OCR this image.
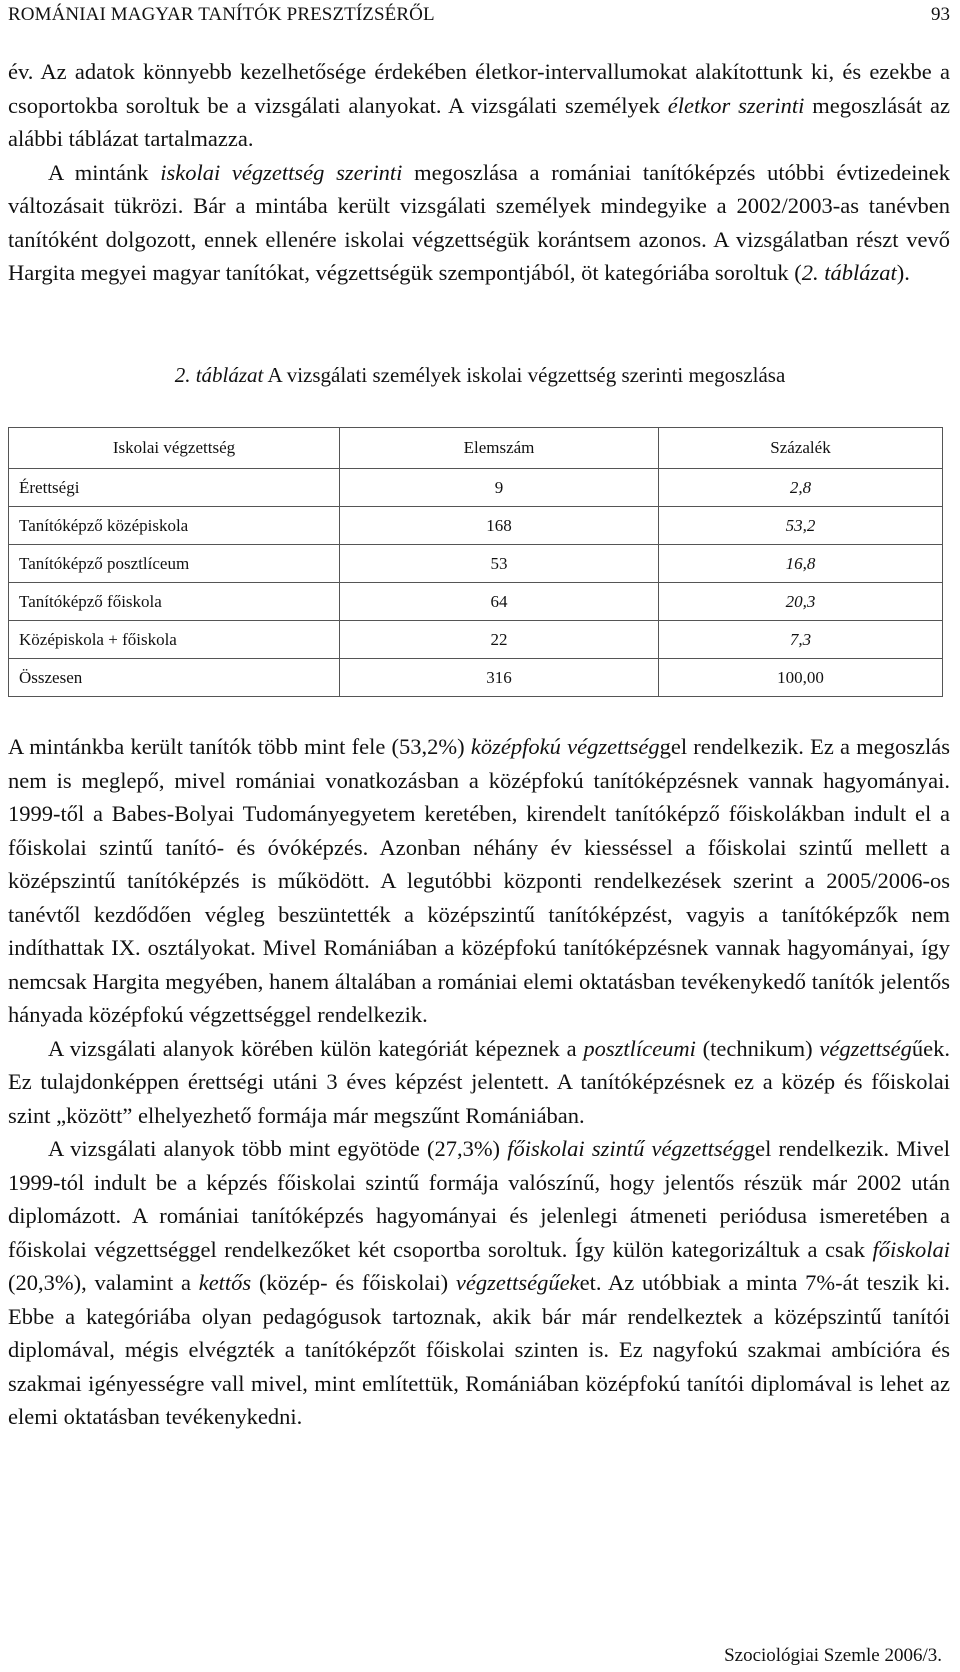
ROMÁNIAI MAGYAR TANÍTÓK PRESZTÍZSÉRŐL	93

év. Az adatok könnyebb kezelhetősége érdekében életkor-intervallumokat alakítottunk ki, és ezekbe a csoportokba soroltuk be a vizsgálati alanyokat. A vizsgálati személyek életkor szerinti megoszlását az alábbi táblázat tartalmazza.

A mintánk iskolai végzettség szerinti megoszlása a romániai tanítóképzés utóbbi évtizedeinek változásait tükrözi. Bár a mintába került vizsgálati személyek mindegyike a 2002/2003-as tanévben tanítóként dolgozott, ennek ellenére iskolai végzettségük korántsem azonos. A vizsgálatban részt vevő Hargita megyei magyar tanítókat, végzettségük szempontjából, öt kategóriába soroltuk (2. táblázat).

2. táblázat A vizsgálati személyek iskolai végzettség szerinti megoszlása
Iskolai végzettség	Elemszám	Százalék
Érettségi	9	2,8
Tanítóképző középiskola	168	53,2
Tanítóképző posztlíceum	53	16,8
Tanítóképző főiskola	64	20,3
Középiskola + főiskola	22	7,3
Összesen	316	100,00

A mintánkba került tanítók több mint fele (53,2%) középfokú végzettséggel rendelkezik. Ez a megoszlás nem is meglepő, mivel romániai vonatkozásban a középfokú tanítóképzésnek vannak hagyományai. 1999-től a Babes-Bolyai Tudományegyetem keretében, kirendelt tanítóképző főiskolákban indult el a főiskolai szintű tanító- és óvóképzés. Azonban néhány év kiesséssel a főiskolai szintű mellett a középszintű tanítóképzés is működött. A legutóbbi központi rendelkezések szerint a 2005/2006-os tanévtől kezdődően végleg beszüntették a középszintű tanítóképzést, vagyis a tanítóképzők nem indíthattak IX. osztályokat. Mivel Romániában a középfokú tanítóképzésnek vannak hagyományai, így nemcsak Hargita megyében, hanem általában a romániai elemi oktatásban tevékenykedő tanítók jelentős hányada középfokú végzettséggel rendelkezik.

A vizsgálati alanyok körében külön kategóriát képeznek a posztlíceumi (technikum) végzettségűek. Ez tulajdonképpen érettségi utáni 3 éves képzést jelentett. A tanítóképzésnek ez a közép és főiskolai szint „között” elhelyezhető formája már megszűnt Romániában.

A vizsgálati alanyok több mint egyötöde (27,3%) főiskolai szintű végzettséggel rendelkezik. Mivel 1999-tól indult be a képzés főiskolai szintű formája valószínű, hogy jelentős részük már 2002 után diplomázott. A romániai tanítóképzés hagyományai és jelenlegi átmeneti periódusa ismeretében a főiskolai végzettséggel rendelkezőket két csoportba soroltuk. Így külön kategorizáltuk a csak főiskolai (20,3%), valamint a kettős (közép- és főiskolai) végzettségűeket. Az utóbbiak a minta 7%-át teszik ki. Ebbe a kategóriába olyan pedagógusok tartoznak, akik bár már rendelkeztek a középszintű tanítói diplomával, mégis elvégzték a tanítóképzőt főiskolai szinten is. Ez nagyfokú szakmai ambícióra és szakmai igényességre vall mivel, mint említettük, Romániában középfokú tanítói diplomával is lehet az elemi oktatásban tevékenykedni.

Szociológiai Szemle 2006/3.
